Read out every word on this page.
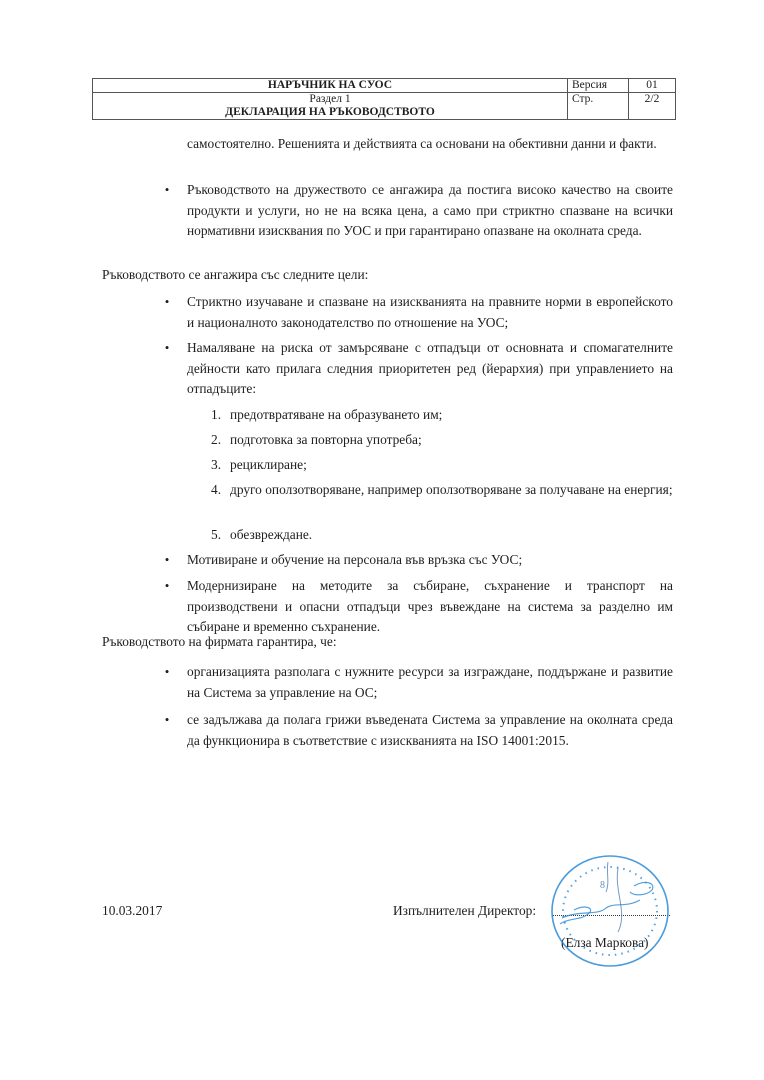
НАРЪЧНИК НА СУОС	Версия	01

Раздел 1
ДЕКЛАРАЦИЯ НА РЪКОВОДСТВОТО	Стр.	2/2
самостоятелно. Решенията и действията са основани на обективни данни и факти.
• Ръководството на дружеството се ангажира да постига високо качество на своите продукти и услуги, но не на всяка цена, а само при стриктно спазване на всички нормативни изисквания по УОС и при гарантирано опазване на околната среда.
Ръководството се ангажира със следните цели:
• Стриктно изучаване и спазване на изискванията на правните норми в европейското и националното законодателство по отношение на УОС;
• Намаляване на риска от замърсяване с отпадъци от основната и спомагателните дейности като прилага следния приоритетен ред (йерархия) при управлението на отпадъците:
1. предотвратяване на образуването им;
2. подготовка за повторна употреба;
3. рециклиране;
4. друго оползотворяване, например оползотворяване за получаване на енергия;
5. обезвреждане.
• Мотивиране и обучение на персонала във връзка със УОС;
• Модернизиране на методите за събиране, съхранение и транспорт на производствени и опасни отпадъци чрез въвеждане на система за разделно им събиране и временно съхранение.
Ръководството на фирмата гарантира, че:
• организацията разполага с нужните ресурси за изграждане, поддържане и развитие на Система за управление на ОС;
• се задължава да полага грижи въведената Система за управление на околната среда да функционира в съответствие с изискванията на ISO 14001:2015.
10.03.2017	Изпълнителен Директор:
(Елза Маркова)
8
